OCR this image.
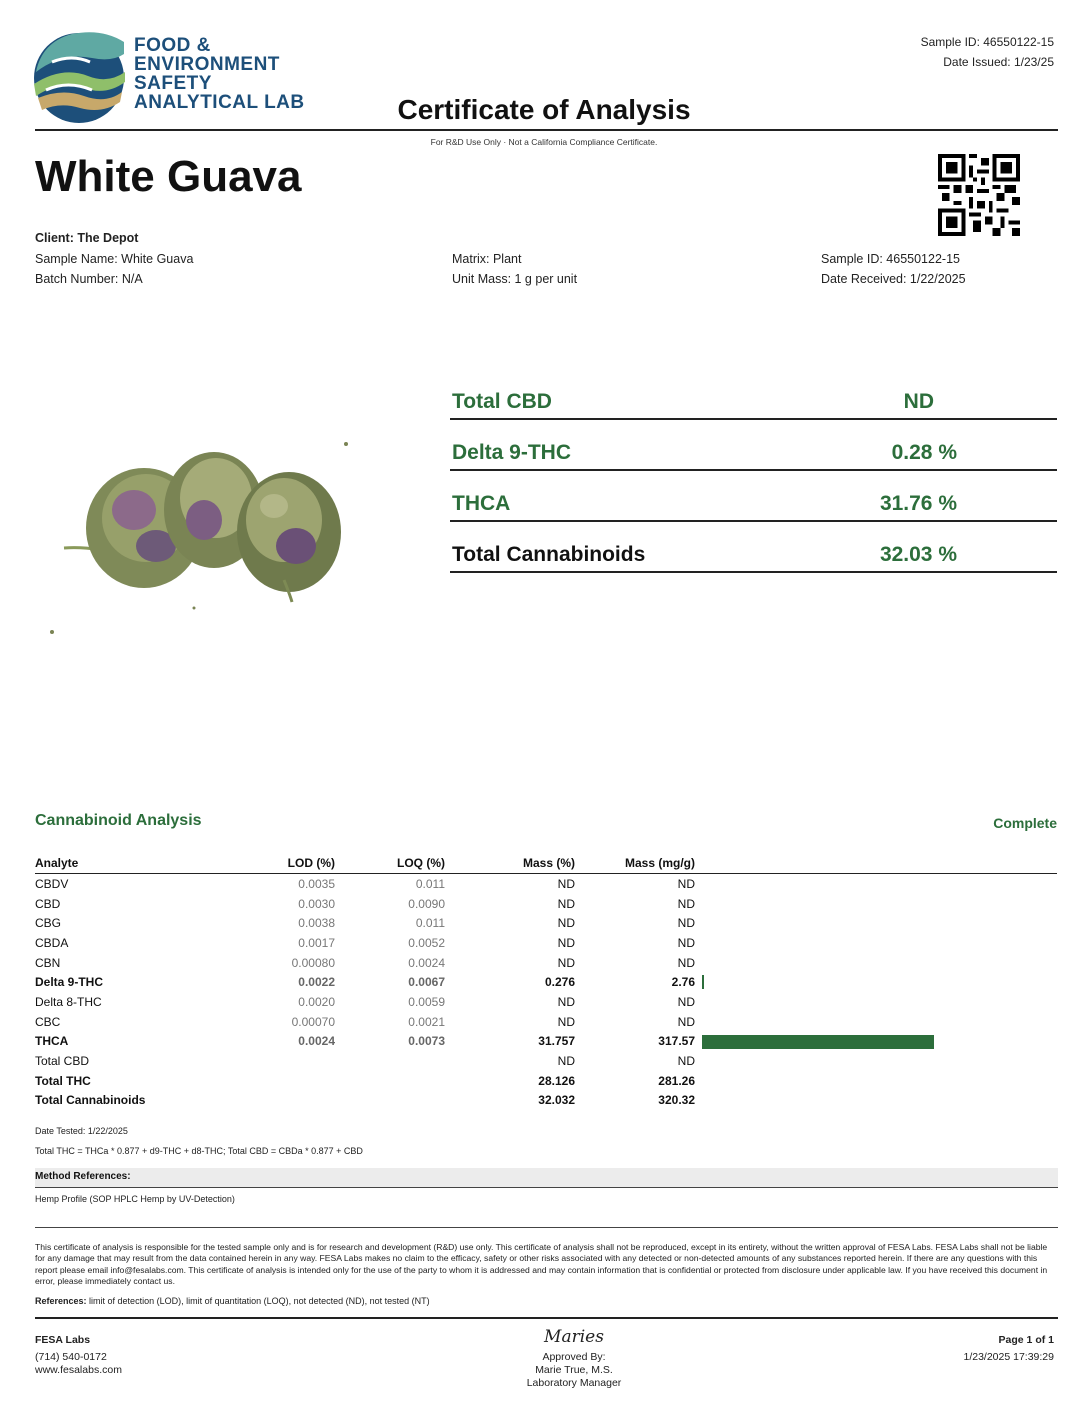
FOOD &
ENVIRONMENT
SAFETY
ANALYTICAL LAB
Sample ID: 46550122-15
Date Issued: 1/23/25
Certificate of Analysis
For R&D Use Only · Not a California Compliance Certificate.
White Guava
Client: The Depot
Sample Name: White Guava
Batch Number: N/A
Matrix: Plant
Unit Mass: 1 g per unit
Sample ID: 46550122-15
Date Received: 1/22/2025
Total CBD	ND
Delta 9-THC	0.28 %
THCA	31.76 %
Total Cannabinoids	32.03 %
Cannabinoid Analysis	Complete
Analyte	LOD (%)	LOQ (%)	Mass (%)	Mass (mg/g)	
CBDV	0.0035	0.011	ND	ND	
CBD	0.0030	0.0090	ND	ND	
CBG	0.0038	0.011	ND	ND	
CBDA	0.0017	0.0052	ND	ND	
CBN	0.00080	0.0024	ND	ND	
Delta 9-THC	0.0022	0.0067	0.276	2.76	

Delta 8-THC	0.0020	0.0059	ND	ND	
CBC	0.00070	0.0021	ND	ND	
THCA	0.0024	0.0073	31.757	317.57	

Total CBD			ND	ND	
Total THC			28.126	281.26	
Total Cannabinoids			32.032	320.32	
Date Tested: 1/22/2025
Total THC = THCa * 0.877 + d9-THC + d8-THC; Total CBD = CBDa * 0.877 + CBD
Method References:
Hemp Profile (SOP HPLC Hemp by UV-Detection)
This certificate of analysis is responsible for the tested sample only and is for research and development (R&D) use only. This certificate of analysis shall not be reproduced, except in its entirety, without the written approval of FESA Labs. FESA Labs shall not be liable for any damage that may result from the data contained herein in any way. FESA Labs makes no claim to the efficacy, safety or other risks associated with any detected or non-detected amounts of any substances reported herein. If there are any questions with this report please email info@fesalabs.com. This certificate of analysis is intended only for the use of the party to whom it is addressed and may contain information that is confidential or protected from disclosure under applicable law. If you have received this document in error, please immediately contact us.
References: limit of detection (LOD), limit of quantitation (LOQ), not detected (ND), not tested (NT)
FESA Labs
(714) 540-0172
www.fesalabs.com
Maries
Approved By:
Marie True, M.S.
Laboratory Manager
Page 1 of 1
1/23/2025 17:39:29
